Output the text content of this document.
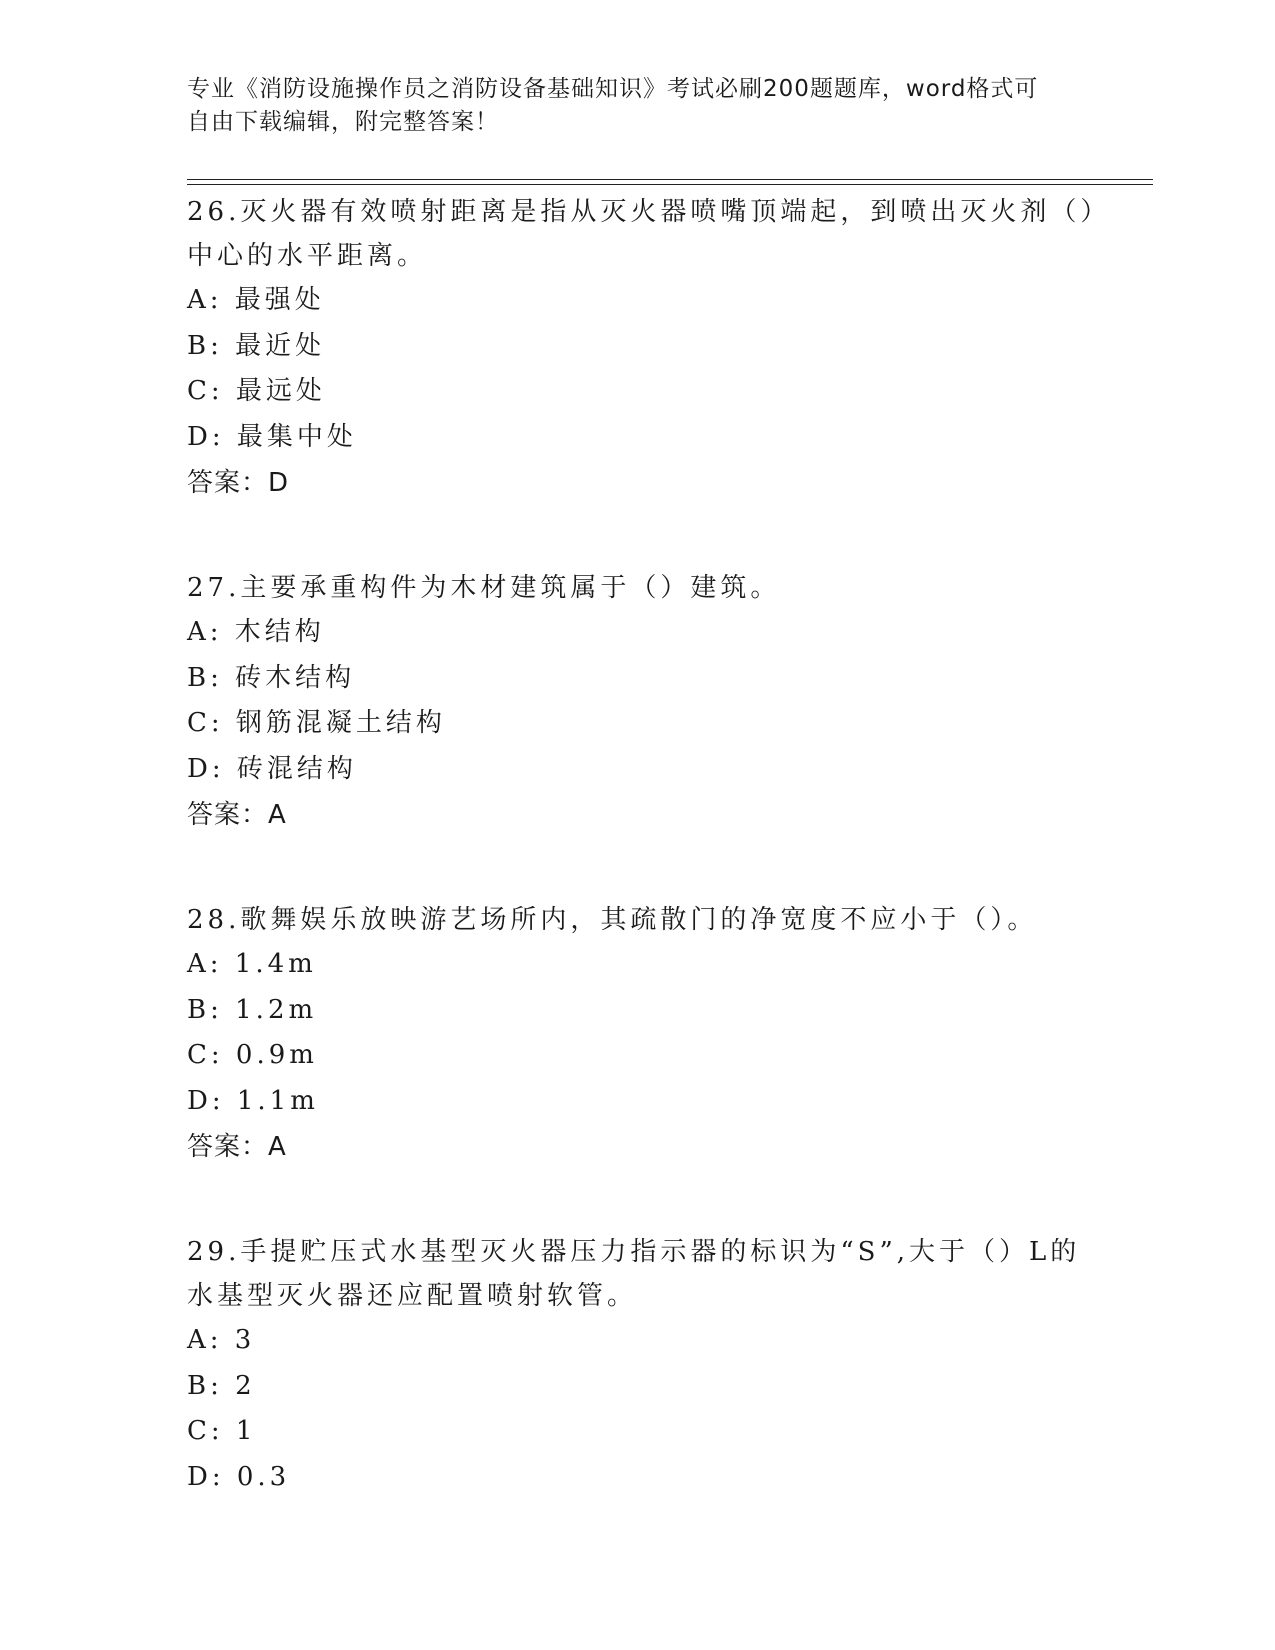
专业《消防设施操作员之消防设备基础知识》考试必刷200题题库，word格式可
自由下载编辑，附完整答案！
26.灭火器有效喷射距离是指从灭火器喷嘴顶端起，到喷出灭火剂（）
中心的水平距离。
A: 最强处
B: 最近处
C: 最远处
D: 最集中处
答案：D
27.主要承重构件为木材建筑属于（）建筑。
A: 木结构
B: 砖木结构
C: 钢筋混凝土结构
D: 砖混结构
答案：A
28.歌舞娱乐放映游艺场所内，其疏散门的净宽度不应小于（）。
A: 1.4m
B: 1.2m
C: 0.9m
D: 1.1m
答案：A
29.手提贮压式水基型灭火器压力指示器的标识为“S”,大于（）L的
水基型灭火器还应配置喷射软管。
A: 3
B: 2
C: 1
D: 0.3
